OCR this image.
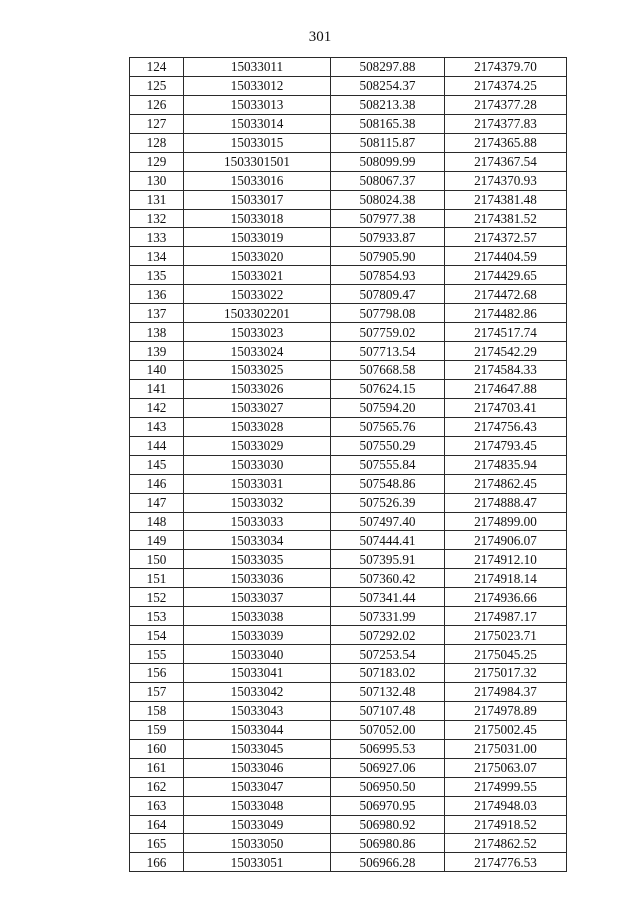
301
124	15033011	508297.88	2174379.70
125	15033012	508254.37	2174374.25
126	15033013	508213.38	2174377.28
127	15033014	508165.38	2174377.83
128	15033015	508115.87	2174365.88
129	1503301501	508099.99	2174367.54
130	15033016	508067.37	2174370.93
131	15033017	508024.38	2174381.48
132	15033018	507977.38	2174381.52
133	15033019	507933.87	2174372.57
134	15033020	507905.90	2174404.59
135	15033021	507854.93	2174429.65
136	15033022	507809.47	2174472.68
137	1503302201	507798.08	2174482.86
138	15033023	507759.02	2174517.74
139	15033024	507713.54	2174542.29
140	15033025	507668.58	2174584.33
141	15033026	507624.15	2174647.88
142	15033027	507594.20	2174703.41
143	15033028	507565.76	2174756.43
144	15033029	507550.29	2174793.45
145	15033030	507555.84	2174835.94
146	15033031	507548.86	2174862.45
147	15033032	507526.39	2174888.47
148	15033033	507497.40	2174899.00
149	15033034	507444.41	2174906.07
150	15033035	507395.91	2174912.10
151	15033036	507360.42	2174918.14
152	15033037	507341.44	2174936.66
153	15033038	507331.99	2174987.17
154	15033039	507292.02	2175023.71
155	15033040	507253.54	2175045.25
156	15033041	507183.02	2175017.32
157	15033042	507132.48	2174984.37
158	15033043	507107.48	2174978.89
159	15033044	507052.00	2175002.45
160	15033045	506995.53	2175031.00
161	15033046	506927.06	2175063.07
162	15033047	506950.50	2174999.55
163	15033048	506970.95	2174948.03
164	15033049	506980.92	2174918.52
165	15033050	506980.86	2174862.52
166	15033051	506966.28	2174776.53
